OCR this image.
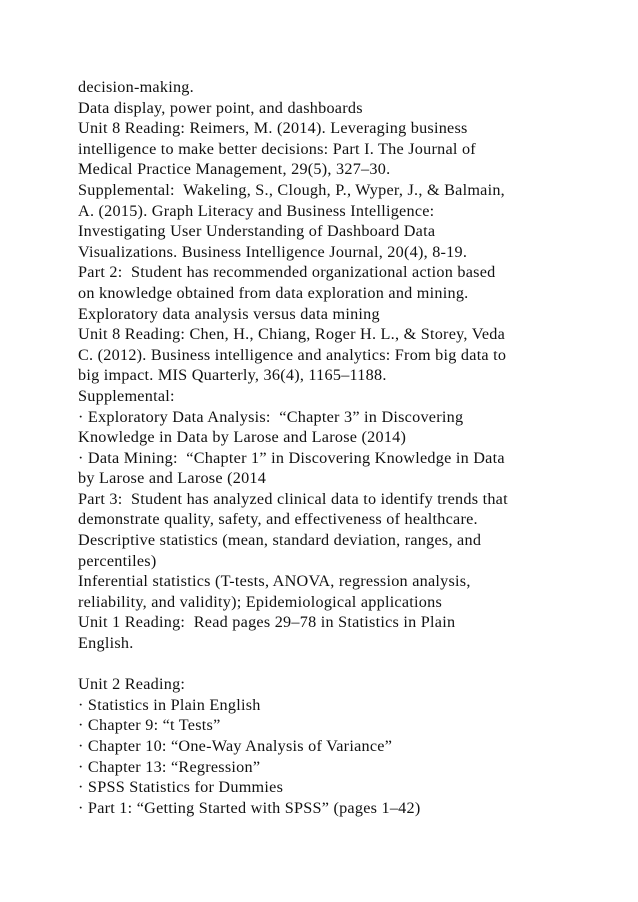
decision-making.
Data display, power point, and dashboards
Unit 8 Reading: Reimers, M. (2014). Leveraging business
intelligence to make better decisions: Part I. The Journal of
Medical Practice Management, 29(5), 327–30.
Supplemental:  Wakeling, S., Clough, P., Wyper, J., & Balmain,
A. (2015). Graph Literacy and Business Intelligence:
Investigating User Understanding of Dashboard Data
Visualizations. Business Intelligence Journal, 20(4), 8-19.
Part 2:  Student has recommended organizational action based
on knowledge obtained from data exploration and mining.
Exploratory data analysis versus data mining
Unit 8 Reading: Chen, H., Chiang, Roger H. L., & Storey, Veda
C. (2012). Business intelligence and analytics: From big data to
big impact. MIS Quarterly, 36(4), 1165–1188.
Supplemental:
· Exploratory Data Analysis:  “Chapter 3” in Discovering
Knowledge in Data by Larose and Larose (2014)
· Data Mining:  “Chapter 1” in Discovering Knowledge in Data
by Larose and Larose (2014
Part 3:  Student has analyzed clinical data to identify trends that
demonstrate quality, safety, and effectiveness of healthcare.
Descriptive statistics (mean, standard deviation, ranges, and
percentiles)
Inferential statistics (T-tests, ANOVA, regression analysis,
reliability, and validity); Epidemiological applications
Unit 1 Reading:  Read pages 29–78 in Statistics in Plain
English.
Unit 2 Reading:
· Statistics in Plain English
· Chapter 9: “t Tests”
· Chapter 10: “One-Way Analysis of Variance”
· Chapter 13: “Regression”
· SPSS Statistics for Dummies
· Part 1: “Getting Started with SPSS” (pages 1–42)
